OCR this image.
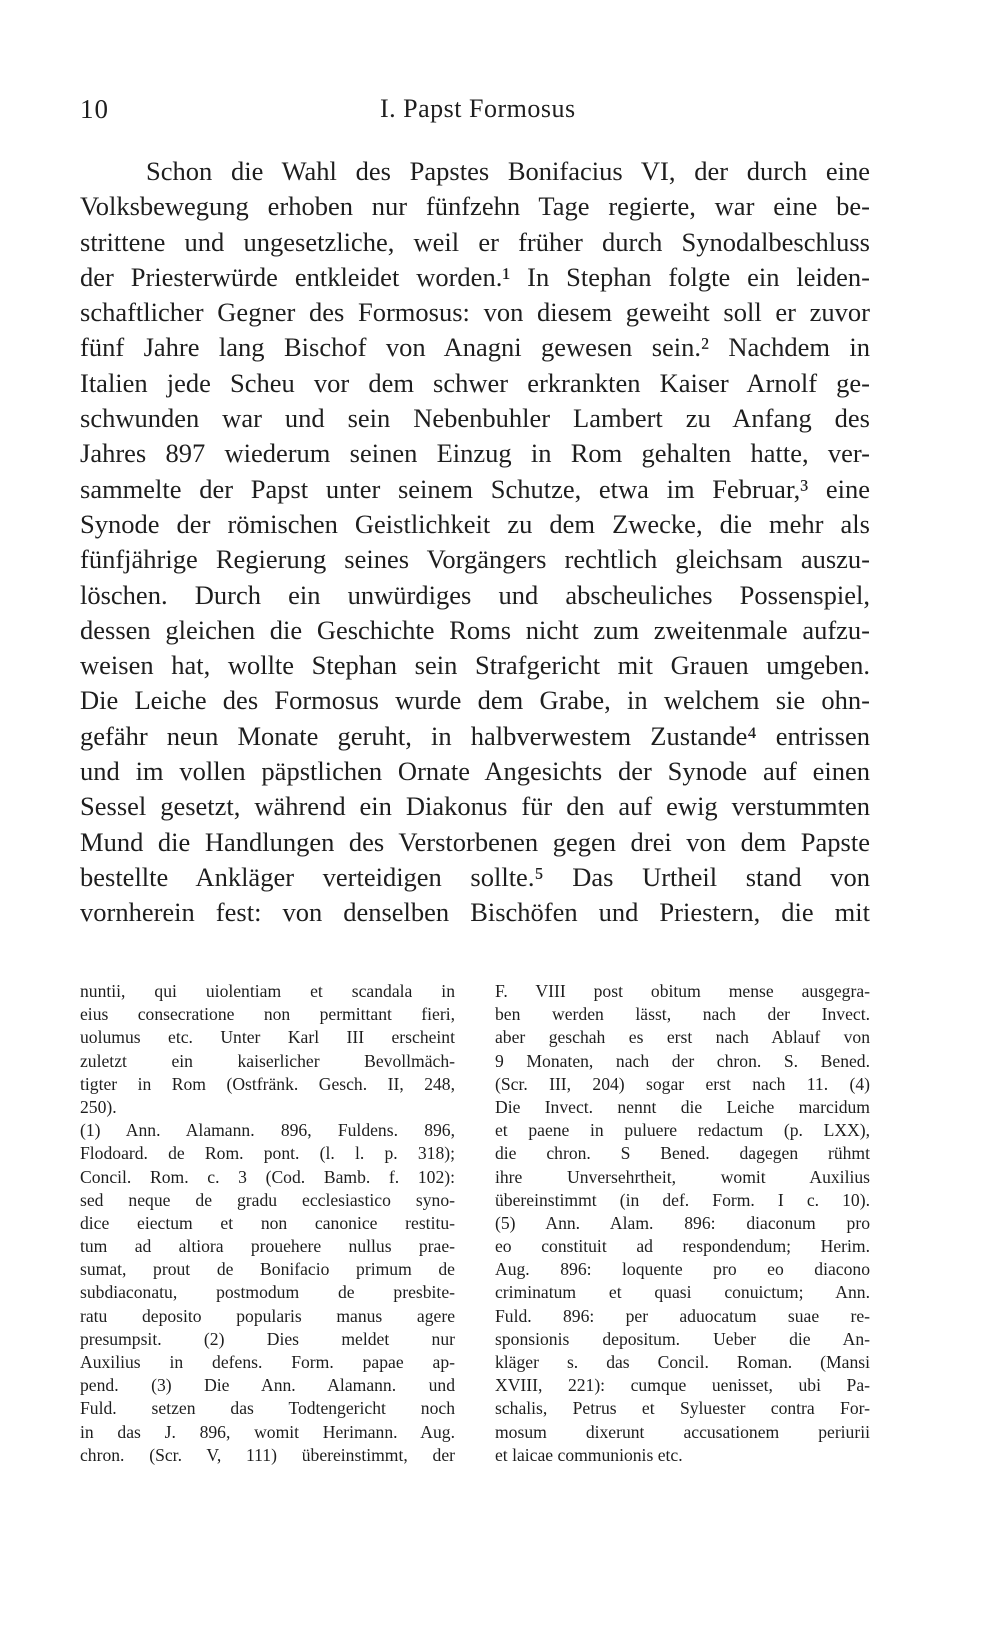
10	I. Papst Formosus
Schon die Wahl des Papstes Bonifacius VI, der durch eine
Volksbewegung erhoben nur fünfzehn Tage regierte, war eine be-
strittene und ungesetzliche, weil er früher durch Synodalbeschluss
der Priesterwürde entkleidet worden.¹ In Stephan folgte ein leiden-
schaftlicher Gegner des Formosus: von diesem geweiht soll er zuvor
fünf Jahre lang Bischof von Anagni gewesen sein.² Nachdem in
Italien jede Scheu vor dem schwer erkrankten Kaiser Arnolf ge-
schwunden war und sein Nebenbuhler Lambert zu Anfang des
Jahres 897 wiederum seinen Einzug in Rom gehalten hatte, ver-
sammelte der Papst unter seinem Schutze, etwa im Februar,³ eine
Synode der römischen Geistlichkeit zu dem Zwecke, die mehr als
fünfjährige Regierung seines Vorgängers rechtlich gleichsam auszu-
löschen. Durch ein unwürdiges und abscheuliches Possenspiel,
dessen gleichen die Geschichte Roms nicht zum zweitenmale aufzu-
weisen hat, wollte Stephan sein Strafgericht mit Grauen umgeben.
Die Leiche des Formosus wurde dem Grabe, in welchem sie ohn-
gefähr neun Monate geruht, in halbverwestem Zustande⁴ entrissen
und im vollen päpstlichen Ornate Angesichts der Synode auf einen
Sessel gesetzt, während ein Diakonus für den auf ewig verstummten
Mund die Handlungen des Verstorbenen gegen drei von dem Papste
bestellte Ankläger verteidigen sollte.⁵ Das Urtheil stand von
vornherein fest: von denselben Bischöfen und Priestern, die mit
nuntii, qui uiolentiam et scandala in
eius consecratione non permittant fieri,
uolumus etc. Unter Karl III erscheint
zuletzt ein kaiserlicher Bevollmäch-
tigter in Rom (Ostfränk. Gesch. II, 248,
250).
(1) Ann. Alamann. 896, Fuldens. 896,
Flodoard. de Rom. pont. (l. l. p. 318);
Concil. Rom. c. 3 (Cod. Bamb. f. 102):
sed neque de gradu ecclesiastico syno-
dice eiectum et non canonice restitu-
tum ad altiora prouehere nullus prae-
sumat, prout de Bonifacio primum de
subdiaconatu, postmodum de presbite-
ratu deposito popularis manus agere
presumpsit. (2) Dies meldet nur
Auxilius in defens. Form. papae ap-
pend. (3) Die Ann. Alamann. und
Fuld. setzen das Todtengericht noch
in das J. 896, womit Herimann. Aug.
chron. (Scr. V, 111) übereinstimmt, der
F. VIII post obitum mense ausgegra-
ben werden lässt, nach der Invect.
aber geschah es erst nach Ablauf von
9 Monaten, nach der chron. S. Bened.
(Scr. III, 204) sogar erst nach 11. (4)
Die Invect. nennt die Leiche marcidum
et paene in puluere redactum (p. LXX),
die chron. S Bened. dagegen rühmt
ihre Unversehrtheit, womit Auxilius
übereinstimmt (in def. Form. I c. 10).
(5) Ann. Alam. 896: diaconum pro
eo constituit ad respondendum; Herim.
Aug. 896: loquente pro eo diacono
criminatum et quasi conuictum; Ann.
Fuld. 896: per aduocatum suae re-
sponsionis depositum. Ueber die An-
kläger s. das Concil. Roman. (Mansi
XVIII, 221): cumque uenisset, ubi Pa-
schalis, Petrus et Syluester contra For-
mosum dixerunt accusationem periurii
et laicae communionis etc.
